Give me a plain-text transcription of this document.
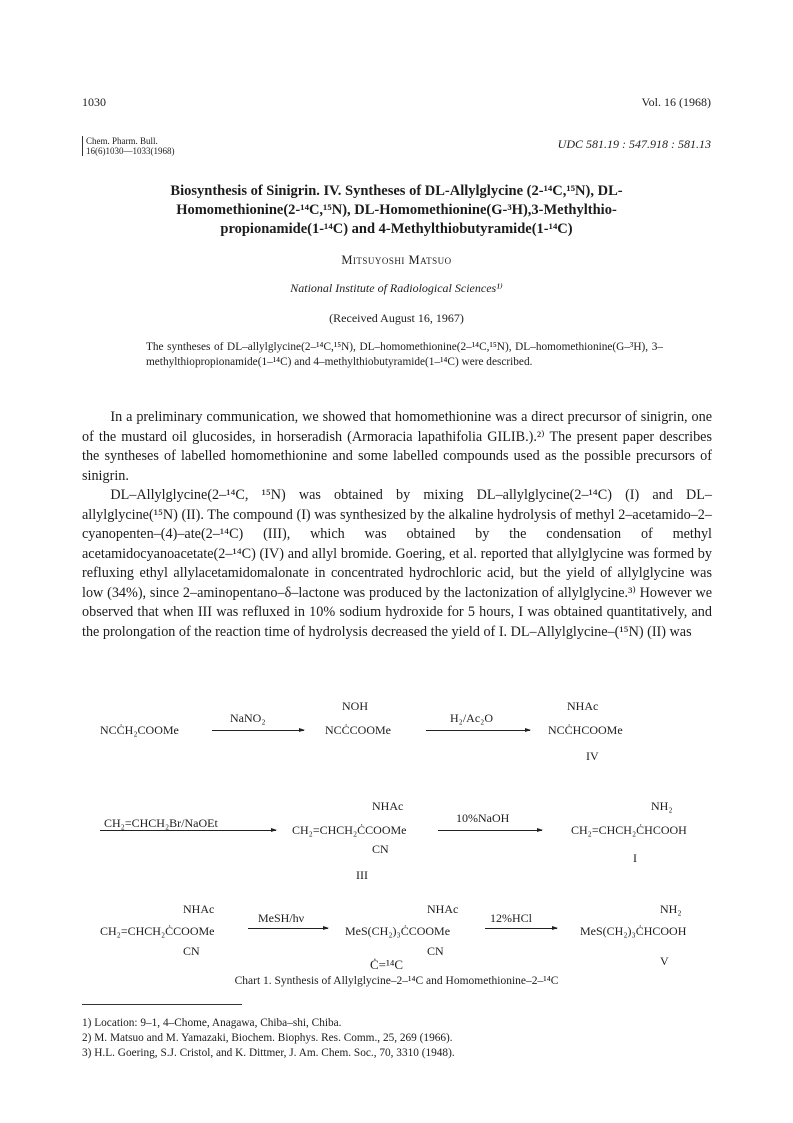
1030	Vol. 16 (1968)
Chem. Pharm. Bull.
16(6)1030—1033(1968)	UDC 581.19 : 547.918 : 581.13
Biosynthesis of Sinigrin. IV. Syntheses of DL-Allylglycine (2-¹⁴C,¹⁵N), DL-
Homomethionine(2-¹⁴C,¹⁵N), DL-Homomethionine(G-³H),3-Methylthio-
propionamide(1-¹⁴C) and 4-Methylthiobutyramide(1-¹⁴C)
Mitsuyoshi Matsuo
National Institute of Radiological Sciences¹⁾
(Received August 16, 1967)
The syntheses of DL–allylglycine(2–¹⁴C,¹⁵N), DL–homomethionine(2–¹⁴C,¹⁵N), DL–homomethionine(G–³H), 3–methylthiopropionamide(1–¹⁴C) and 4–methylthiobutyramide(1–¹⁴C) were described.

In a preliminary communication, we showed that homomethionine was a direct precursor of sinigrin, one of the mustard oil glucosides, in horseradish (Armoracia lapathifolia GILIB.).²⁾ The present paper describes the syntheses of labelled homomethionine and some labelled compounds used as the possible precursors of sinigrin.

DL–Allylglycine(2–¹⁴C, ¹⁵N) was obtained by mixing DL–allylglycine(2–¹⁴C) (I) and DL–allylglycine(¹⁵N) (II). The compound (I) was synthesized by the alkaline hydrolysis of methyl 2–acetamido–2–cyanopenten–(4)–ate(2–¹⁴C) (III), which was obtained by the condensation of methyl acetamidocyanoacetate(2–¹⁴C) (IV) and allyl bromide. Goering, et al. reported that allylglycine was formed by refluxing ethyl allylacetamidomalonate in concentrated hydrochloric acid, but the yield of allylglycine was low (34%), since 2–aminopentano–δ–lactone was produced by the lactonization of allylglycine.³⁾ However we observed that when III was refluxed in 10% sodium hydroxide for 5 hours, I was obtained quantitatively, and the prolongation of the reaction time of hydrolysis decreased the yield of I. DL–Allylglycine–(¹⁵N) (II) was

NCĊH₂COOMe
NaNO₂
NOH
NCĊCOOMe
H₂/Ac₂O
NHAc
NCĊHCOOMe
IV
CH₂=CHCH₂Br/NaOEt
NHAc
CH₂=CHCH₂ĊCOOMe
CN
III
10%NaOH
NH₂
CH₂=CHCH₂ĊHCOOH
I
NHAc
CH₂=CHCH₂ĊCOOMe
CN
MeSH/hν
NHAc
MeS(CH₂)₃ĊCOOMe
CN
12%HCl
NH₂
MeS(CH₂)₃ĊHCOOH
V
Ċ=¹⁴C
Chart 1. Synthesis of Allylglycine–2–¹⁴C and Homomethionine–2–¹⁴C
1) Location: 9–1, 4–Chome, Anagawa, Chiba–shi, Chiba.
2) M. Matsuo and M. Yamazaki, Biochem. Biophys. Res. Comm., 25, 269 (1966).
3) H.L. Goering, S.J. Cristol, and K. Dittmer, J. Am. Chem. Soc., 70, 3310 (1948).
